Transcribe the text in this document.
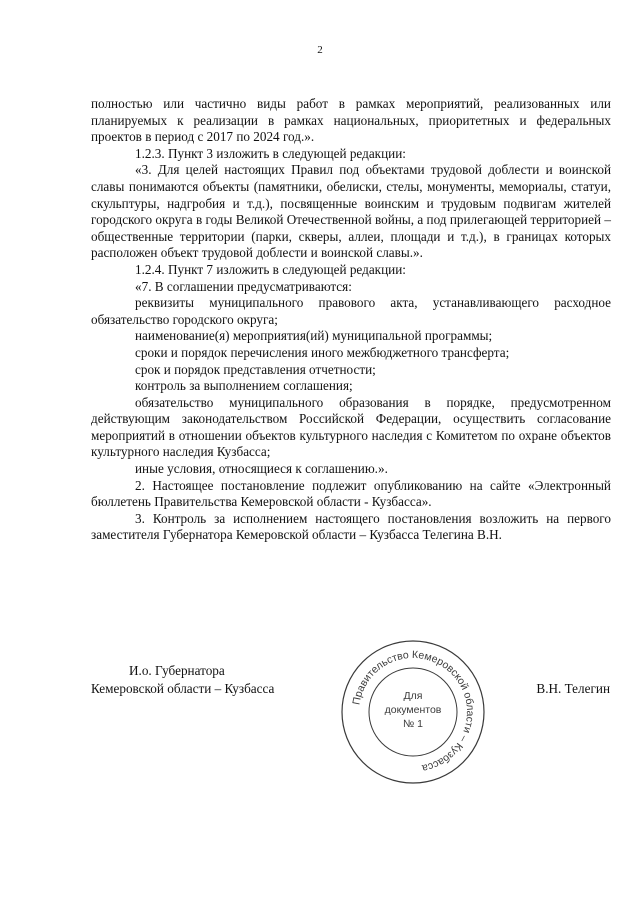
2

полностью или частично виды работ в рамках мероприятий, реализованных или планируемых к реализации в рамках национальных, приоритетных и федеральных проектов в период с 2017 по 2024 год.».

1.2.3. Пункт 3 изложить в следующей редакции:

«3. Для целей настоящих Правил под объектами трудовой доблести и воинской славы понимаются объекты (памятники, обелиски, стелы, монументы, мемориалы, статуи, скульптуры, надгробия и т.д.), посвященные воинским и трудовым подвигам жителей городского округа в годы Великой Отечественной войны, а под прилегающей территорией – общественные территории (парки, скверы, аллеи, площади и т.д.), в границах которых расположен объект трудовой доблести и воинской славы.».

1.2.4. Пункт 7 изложить в следующей редакции:

«7. В соглашении предусматриваются:

реквизиты муниципального правового акта, устанавливающего расходное обязательство городского округа;

наименование(я) мероприятия(ий) муниципальной программы;

сроки и порядок перечисления иного межбюджетного трансферта;

срок и порядок представления отчетности;

контроль за выполнением соглашения;

обязательство муниципального образования в порядке, предусмотренном действующим законодательством Российской Федерации, осуществить согласование мероприятий в отношении объектов культурного наследия с Комитетом по охране объектов культурного наследия Кузбасса;

иные условия, относящиеся к соглашению.».

2. Настоящее постановление подлежит опубликованию на сайте «Электронный бюллетень Правительства Кемеровской области - Кузбасса».

3. Контроль за исполнением настоящего постановления возложить на первого заместителя Губернатора Кемеровской области – Кузбасса Телегина В.Н.

И.о. Губернатора
Кемеровской области – Кузбасса	В.Н. Телегин
Правительство Кемеровской области – Кузбасса
Для
документов
№ 1
